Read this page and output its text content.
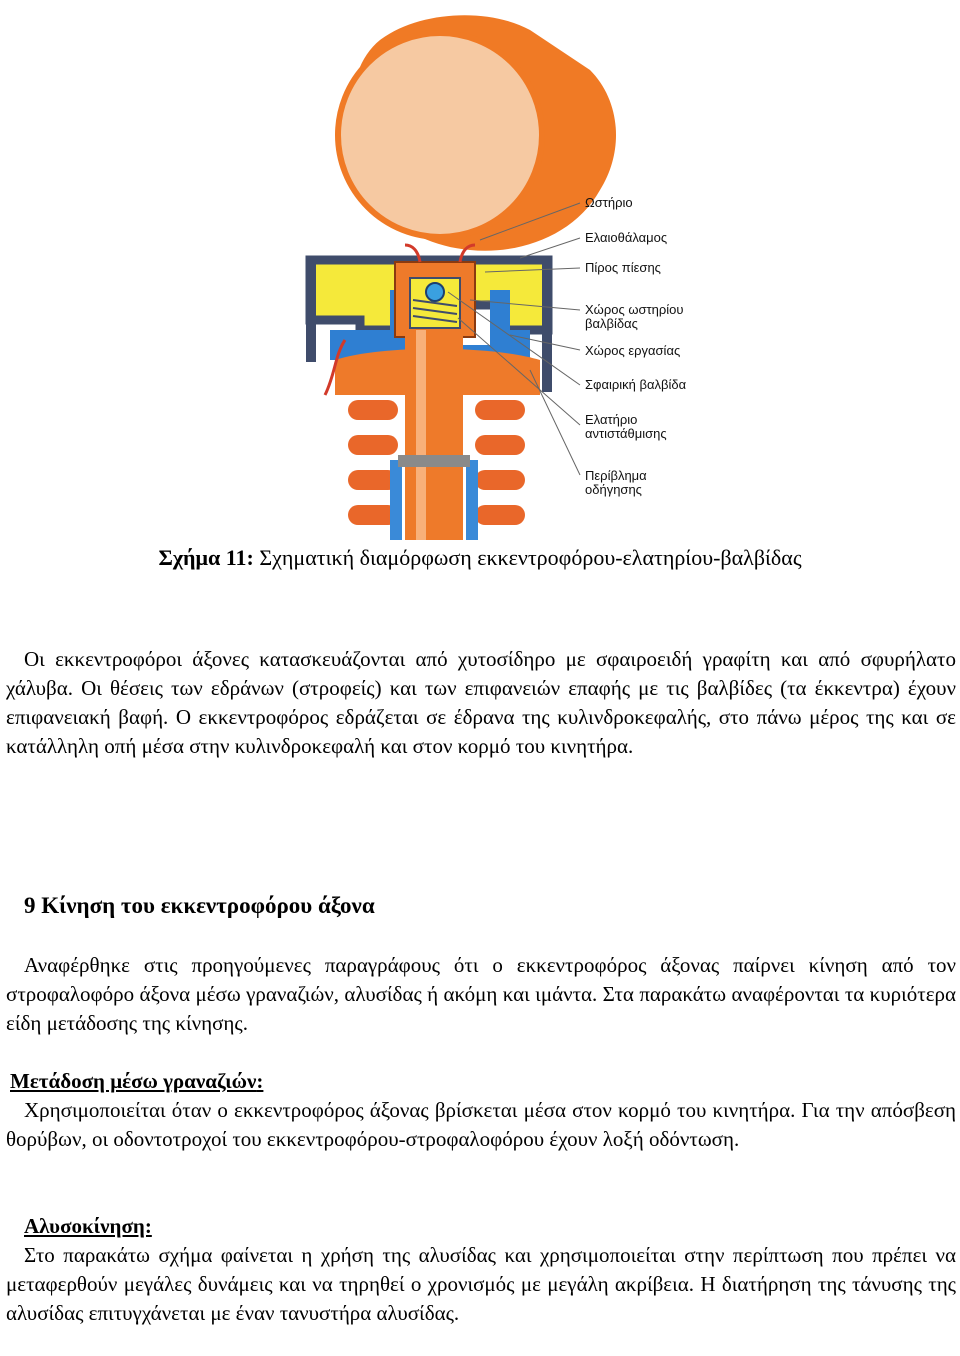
Ωστήριο
Ελαιοθάλαμος
Πίρος πίεσης
Χώρος ωστηρίου
βαλβίδας
Χώρος εργασίας
Σφαιρική βαλβίδα
Ελατήριο
αντιστάθμισης
Περίβλημα
οδήγησης
Σχήμα 11: Σχηματική διαμόρφωση εκκεντροφόρου-ελατηρίου-βαλβίδας

Οι εκκεντροφόροι άξονες κατασκευάζονται από χυτοσίδηρο με σφαιροειδή γραφίτη και από σφυρήλατο χάλυβα. Οι θέσεις των εδράνων (στροφείς) και των επιφανειών επαφής με τις βαλβίδες (τα έκκεντρα) έχουν επιφανειακή βαφή. Ο εκκεντροφόρος εδράζεται σε έδρανα της κυλινδροκεφαλής, στο πάνω μέρος της και σε κατάλληλη οπή μέσα στην κυλινδροκεφαλή και στον κορμό του κινητήρα.

9 Κίνηση του εκκεντροφόρου άξονα

Αναφέρθηκε στις προηγούμενες παραγράφους ότι ο εκκεντροφόρος άξονας παίρνει κίνηση από τον στροφαλοφόρο άξονα μέσω γραναζιών, αλυσίδας ή ακόμη και ιμάντα. Στα παρακάτω αναφέρονται τα κυριότερα είδη μετάδοσης της κίνησης.

Μετάδοση μέσω γραναζιών:

Χρησιμοποιείται όταν ο εκκεντροφόρος άξονας βρίσκεται μέσα στον κορμό του κινητήρα. Για την απόσβεση θορύβων, οι οδοντοτροχοί του εκκεντροφόρου-στροφαλοφόρου έχουν λοξή οδόντωση.

Αλυσοκίνηση:

Στο παρακάτω σχήμα φαίνεται η χρήση της αλυσίδας και χρησιμοποιείται στην περίπτωση που πρέπει να μεταφερθούν μεγάλες δυνάμεις και να τηρηθεί ο χρονισμός με μεγάλη ακρίβεια. Η διατήρηση της τάνυσης της αλυσίδας επιτυγχάνεται με έναν τανυστήρα αλυσίδας.
